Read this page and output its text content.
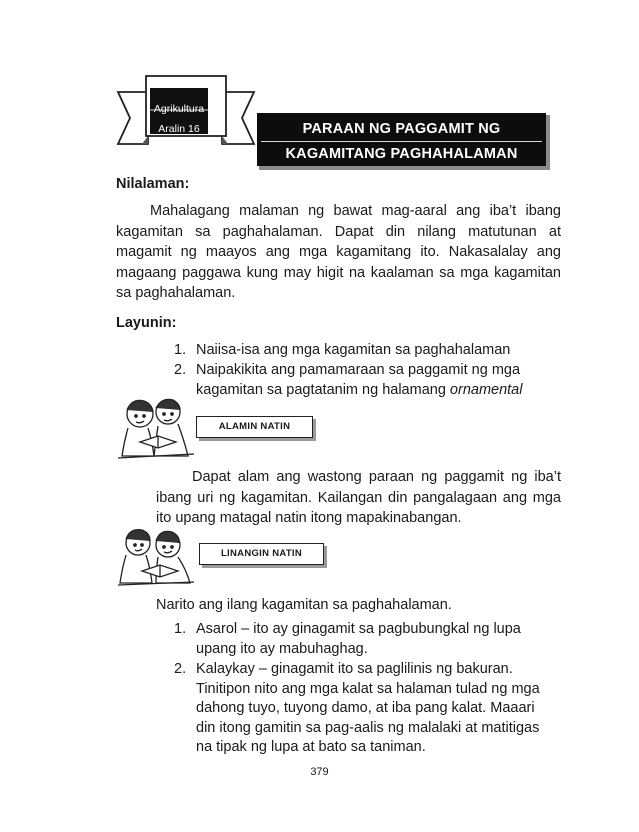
Agrikultura
Aralin 16	PARAAN NG PAGGAMIT NG
KAGAMITANG PAGHAHALAMAN
Nilalaman:
Mahalagang malaman ng bawat mag-aaral ang iba’t ibang
kagamitan sa paghahalaman. Dapat din nilang matutunan at
magamit ng maayos ang mga kagamitang ito. Nakasalalay ang
magaang paggawa kung may higit na kaalaman sa mga kagamitan
sa paghahalaman.
Layunin:
1. Naiisa-isa ang mga kagamitan sa paghahalaman
2. Naipakikita ang pamamaraan sa paggamit ng mga
kagamitan sa pagtatanim ng halamang ornamental
ALAMIN NATIN
Dapat alam ang wastong paraan ng paggamit ng iba’t
ibang uri ng kagamitan. Kailangan din pangalagaan ang mga
ito upang matagal natin itong mapakinabangan.
LINANGIN NATIN
Narito ang ilang kagamitan sa paghahalaman.
1. Asarol – ito ay ginagamit sa pagbubungkal ng lupa
upang ito ay mabuhaghag.
2. Kalaykay – ginagamit ito sa paglilinis ng bakuran.
Tinitipon nito ang mga kalat sa halaman tulad ng mga
dahong tuyo, tuyong damo, at iba pang kalat. Maaari
din itong gamitin sa pag-aalis ng malalaki at matitigas
na tipak ng lupa at bato sa taniman.
379
